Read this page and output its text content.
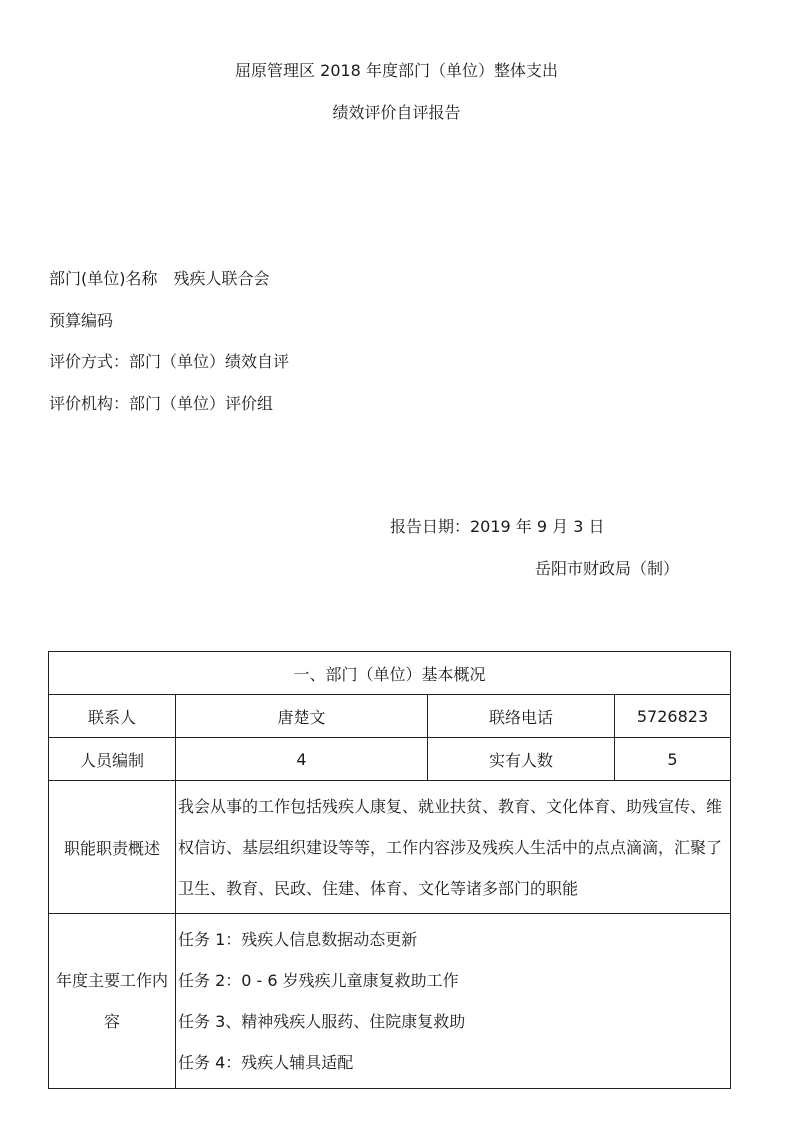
屈原管理区 2018 年度部门（单位）整体支出
绩效评价自评报告
部门(单位)名称 残疾人联合会
预算编码
评价方式：部门（单位）绩效自评
评价机构：部门（单位）评价组
报告日期：2019 年 9 月 3 日
岳阳市财政局（制）
一、部门（单位）基本概况			
联系人	唐楚文	联络电话	5726823
人员编制	4	实有人数	5
职能职责概述	我会从事的工作包括残疾人康复、就业扶贫、教育、文化体育、助残宣传、维权信访、基层组织建设等等，工作内容涉及残疾人生活中的点点滴滴，汇聚了卫生、教育、民政、住建、体育、文化等诸多部门的职能		
年度主要工作内容	任务 1：残疾人信息数据动态更新
任务 2：0 - 6 岁残疾儿童康复救助工作
任务 3、精神残疾人服药、住院康复救助
任务 4：残疾人辅具适配		
